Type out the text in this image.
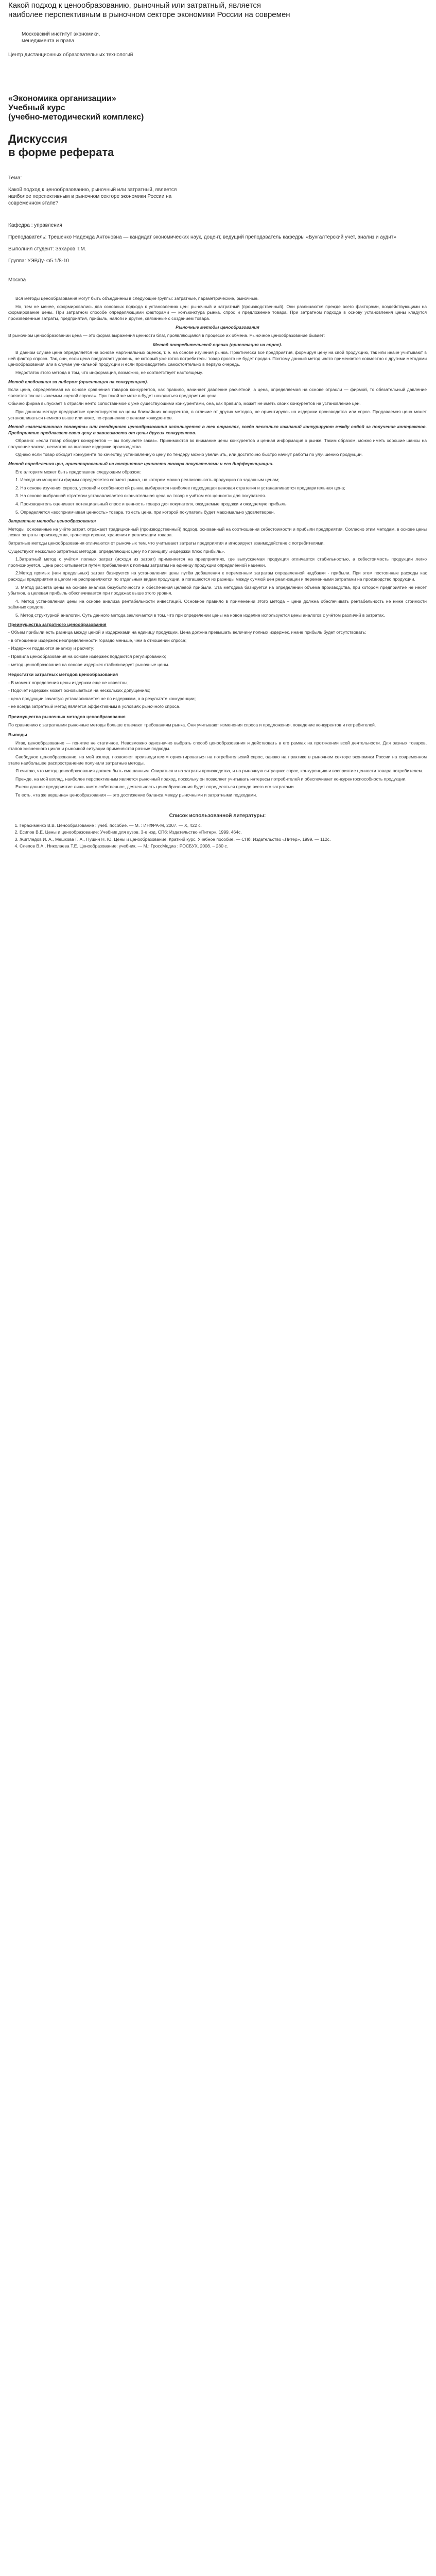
Какой подход к ценообразованию, рыночный или затратный, является наиболее перспективным в рыночном секторе экономики России на современ
Московский институт экономики,
менеджмента и права
Центр дистанционных образовательных технологий
«Экономика организации»
Учебный курс
(учебно-методический комплекс)
Дискуссия
в форме реферата
Тема:
Какой подход к ценообразованию, рыночный или затратный, является наиболее перспективным в рыночном секторе экономики России на современном этапе?
Кафедра : управления
Преподаватель: Трешенко Надежда Антоновна — кандидат экономических наук, доцент, ведущий преподаватель кафедры «Бухгалтерский учет, анализ и аудит»
Выполнил студент: Захаров Т.М.
Группа: УЭВДу-кз5.1/8-10
Москва

Вся методы ценообразования могут быть объединены в следующие группы: затратные, параметрические, рыночные.

Но, тем не менее, сформировались два основных подхода к установлению цен: рыночный и затратный (производственный). Они различаются прежде всего факторами, воздействующими на формирование цены. При затратном способе определяющими факторами — конъюнктура рынка, спрос и предложение товара. При затратном подходе в основу установления цены кладутся произведенные затраты, предприятия, прибыль, налоги и другие, связанные с созданием товара.

Рыночные методы ценообразования

В рыночном ценообразовании цена — это форма выражения ценности благ, проявляющаяся в процессе их обмена. Рыночное ценообразование бывает:

Метод потребительской оценки (ориентация на спрос).

В данном случае цена определяется на основе маргинальных оценок, т. е. на основе изучения рынка. Практически все предприятия, формируя цену на свой продукцию, так или иначе учитывают в ней фактор спроса. Так, они, если цена предлагает уровень, не который уже готов потребитель: товар просто не будет продан. Поэтому данный метод часто применяется совместно с другими методами ценообразования или в случае уникальной продукции и если производитель самостоятельно в первую очередь.

Недостаток этого метода в том, что информация, возможно, не соответствует настоящему.

Метод следования за лидером (ориентация на конкуренцию).

Если цена, определяемая на основе сравнения товаров конкурентов, как правило, начинает давление расчётной, а цена, определяемая на основе отрасли — фирмой, то обязательный давление является так называемым «ценой спроса». При такой же мете в будет находиться предприятия цена.

Обычно фирма выпускает в отрасли нечто сопоставимое с уже существующими конкурентами, она, как правило, может не иметь своих конкурентов на установление цен.

При данном методе предприятие ориентируется на цены ближайших конкурентов, в отличие от других методов, не ориентируясь на издержки производства или спрос. Продаваемая цена может устанавливаться немного выше или ниже, по сравнению с ценами конкурентов.

Метод «запечатанного конверта» или тендерного ценообразования используется в тех отраслях, когда несколько компаний конкурируют между собой за получение контрактов. Предприятие предлагает свою цену в зависимости от цены других конкурентов.

Образно: «если товар обходит конкурентов — вы получаете заказ». Принимаются во внимание цены конкурентов и ценная информация о рынке. Таким образом, можно иметь хорошие шансы на получение заказа, несмотря на высокие издержки производства.

Однако если товар обходит конкурента по качеству, установленную цену по тендеру можно увеличить, или достаточно быстро начнут работы по улучшению продукции.

Метод определения цен, ориентированный на восприятие ценности товара покупателями и его дифференциации.

Его алгоритм может быть представлен следующим образом:

1. Исходя из мощности фирмы определяется сегмент рынка, на котором можно реализовывать продукцию по заданным ценам;

2. На основе изучения спроса, условий и особенностей рынка выбирается наиболее подходящая ценовая стратегия и устанавливается предварительная цена;

3. На основе выбранной стратегии устанавливается окончательная цена на товар с учётом его ценности для покупателя.

4. Производитель оценивает потенциальный спрос и ценность товара для покупателя, ожидаемые продажи и ожидаемую прибыль.

5. Определяется «восприимчивая ценность» товара, то есть цена, при которой покупатель будет максимально удовлетворен.

Затратные методы ценообразования

Методы, основанные на учёте затрат, отражают традиционный (производственный) подход, основанный на соотношении себестоимости и прибыли предприятия. Согласно этим методам, в основе цены лежат затраты производства, транспортировки, хранения и реализации товара.

Затратные методы ценообразования отличаются от рыночных тем, что учитывают затраты предприятия и игнорируют взаимодействие с потребителями.

Существуют несколько затратных методов, определяющих цену по принципу «издержки плюс прибыль».

1.Затратный метод с учётом полных затрат (исходя из затрат) применяется на предприятиях, где выпускаемая продукция отличается стабильностью, а себестоимость продукции легко прогнозируется. Цена рассчитывается путём прибавления к полным затратам на единицу продукции определённой наценки.

2.Метод прямых (или предельных) затрат базируется на установлении цены путём добавления к переменным затратам определенной надбавки - прибыли. При этом постоянные расходы как расходы предприятия в целом не распределяются по отдельным видам продукции, а погашаются из разницы между суммой цен реализации и переменными затратами на производство продукции.

3. Метод расчёта цены на основе анализа безубыточности и обеспечения целевой прибыли. Эта методика базируется на определении объёма производства, при котором предприятие не несёт убытков, а целевая прибыль обеспечивается при продажах выше этого уровня.

4. Метод установления цены на основе анализа рентабельности инвестиций. Основное правило в применении этого метода – цена должна обеспечивать рентабельность не ниже стоимости заёмных средств.

5. Метод структурной аналогии. Суть данного метода заключается в том, что при определении цены на новое изделие используются цены аналогов с учётом различий в затратах.

Преимущества затратного ценообразования

- Объем прибыли есть разница между ценой и издержками на единицу продукции. Цена должна превышать величину полных издержек, иначе прибыль будет отсутствовать;

- в отношении издержек неопределенности гораздо меньше, чем в отношении спроса;

- Издержки поддаются анализу и расчету;

- Правила ценообразования на основе издержек поддаются регулированию;

- метод ценообразования на основе издержек стабилизирует рыночные цены.

Недостатки затратных методов ценообразования

- В момент определения цены издержки еще не известны;

- Подсчет издержек может основываться на нескольких допущениях;

- цена продукции зачастую устанавливается не по издержкам, а в результате конкуренции;

- не всегда затратный метод является эффективным в условиях рыночного спроса.

Преимущества рыночных методов ценообразования

По сравнению с затратными рыночные методы больше отвечают требованиям рынка. Они учитывают изменения спроса и предложения, поведение конкурентов и потребителей.

Выводы

Итак, ценообразование — понятие не статичное. Невозможно однозначно выбрать способ ценообразования и действовать в его рамках на протяжении всей деятельности. Для разных товаров, этапов жизненного цикла и рыночной ситуации применяются разные подходы.

Свободное ценообразование, на мой взгляд, позволяет производителям ориентироваться на потребительский спрос, однако на практике в рыночном секторе экономики России на современном этапе наибольшее распространение получили затратные методы.

Я считаю, что метод ценообразования должен быть смешанным. Опираться и на затраты производства, и на рыночную ситуацию: спрос, конкуренцию и восприятие ценности товара потребителем.

Прежде, на мой взгляд, наиболее перспективным является рыночный подход, поскольку он позволяет учитывать интересы потребителей и обеспечивает конкурентоспособность продукции.

Ежели данное предприятие лишь чисто собственное, деятельность ценообразования будет определяться прежде всего его затратами.

То есть, «та же вершина» ценообразования — это достижение баланса между рыночными и затратными подходами.

Список использованной литературы:
1. Герасименко В.В. Ценообразование : учеб. пособие. — М. : ИНФРА-М, 2007. — Х, 422 с.
2. Есипов В.Е. Цены и ценообразование: Учебник для вузов. 3-е изд. СПб: Издательство «Питер», 1999. 464с.
3. Жиггледов И. А., Мешкова Г. А., Пушин Н. Ю. Цены и ценообразование. Краткий курс. Учебное пособие. — СПб: Издательство «Питер», 1999. — 112с.
4. Слепов В.А., Николаева Т.Е. Ценообразование: учебник. — М.: ГроссМедиа : РОСБУХ, 2008. – 280 с.
